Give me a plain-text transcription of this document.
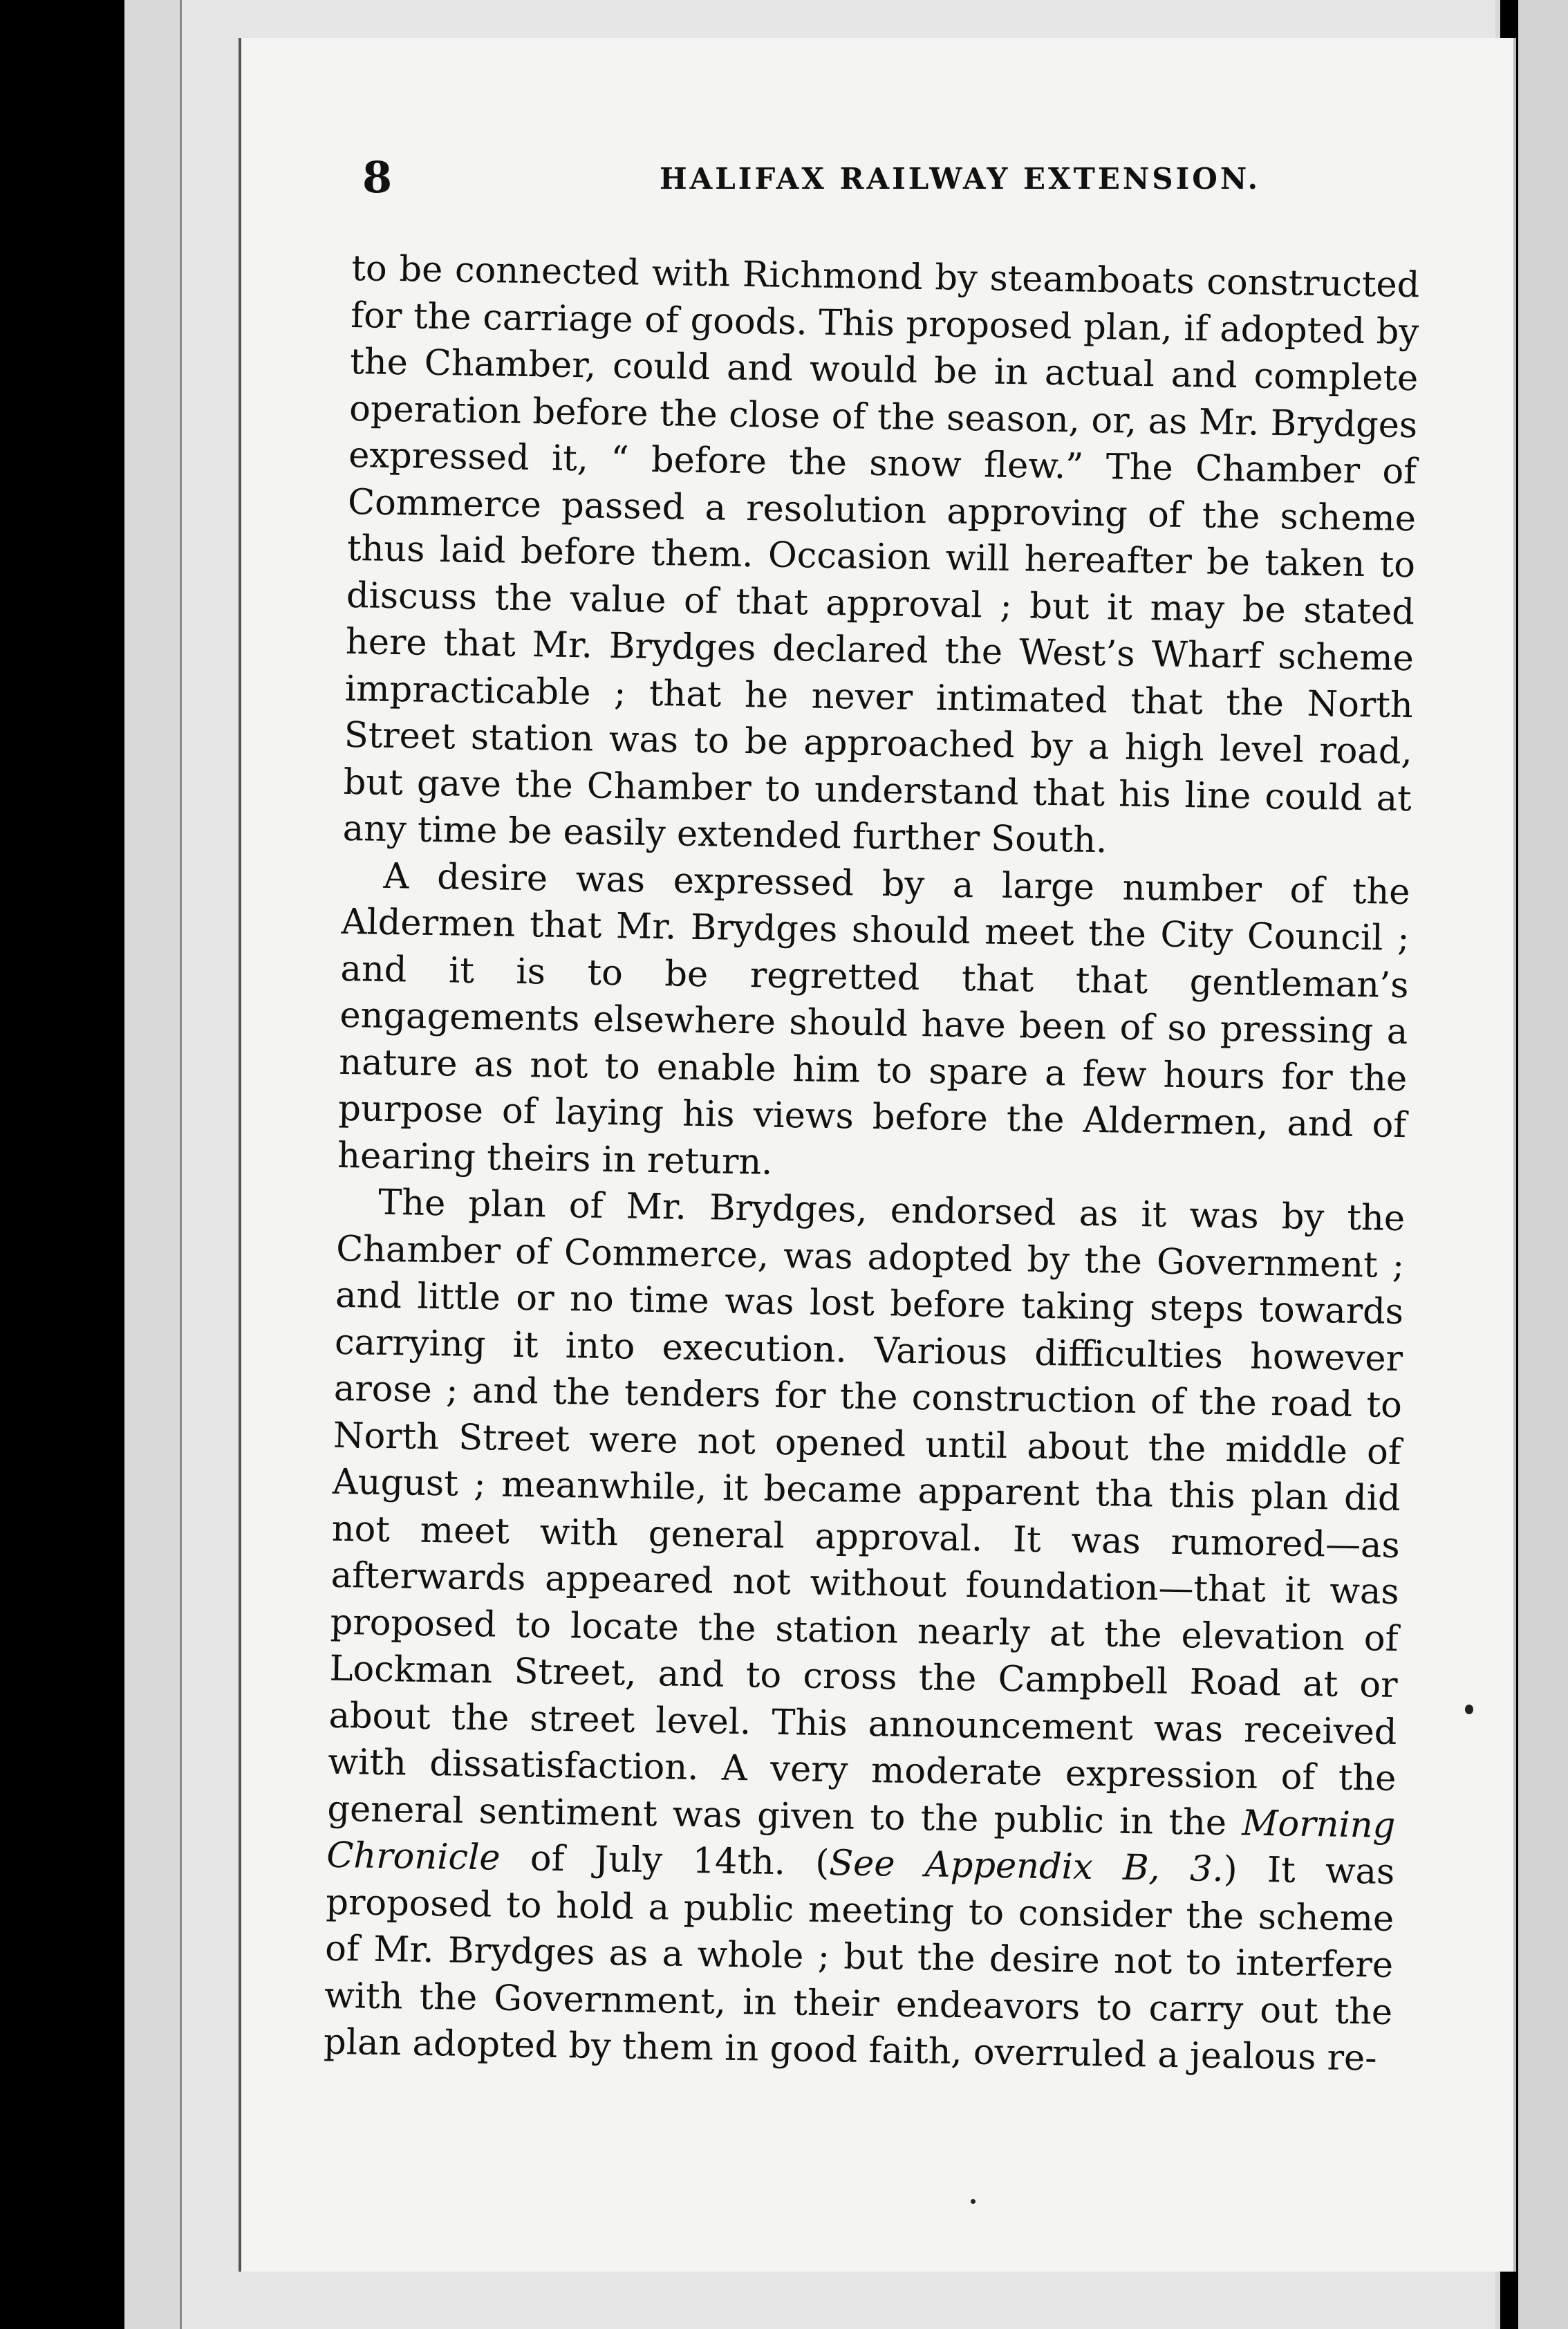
8	HALIFAX RAILWAY EXTENSION.

to be connected with Richmond by steamboats constructed for the carriage of goods. This proposed plan, if adopted by the Chamber, could and would be in actual and complete operation before the close of the season, or, as Mr. Brydges expressed it, “ before the snow flew.” The Chamber of Commerce passed a resolution approving of the scheme thus laid before them. Occasion will hereafter be taken to discuss the value of that approval ; but it may be stated here that Mr. Brydges declared the West’s Wharf scheme impracticable ; that he never intimated that the North Street station was to be approached by a high level road, but gave the Chamber to understand that his line could at any time be easily extended further South.

A desire was expressed by a large number of the Aldermen that Mr. Brydges should meet the City Council ; and it is to be regretted that that gentleman’s engagements elsewhere should have been of so pressing a nature as not to enable him to spare a few hours for the purpose of laying his views before the Aldermen, and of hearing theirs in return.

The plan of Mr. Brydges, endorsed as it was by the Chamber of Commerce, was adopted by the Government ; and little or no time was lost before taking steps towards carrying it into execution. Various difficulties however arose ; and the tenders for the construction of the road to North Street were not opened until about the middle of August ; meanwhile, it became apparent tha this plan did not meet with general approval. It was rumored—as afterwards appeared not without foundation—that it was proposed to locate the station nearly at the elevation of Lockman Street, and to cross the Campbell Road at or about the street level. This announcement was received with dissatisfaction. A very moderate expression of the general sentiment was given to the public in the Morning Chronicle of July 14th. (See Appendix B, 3.) It was proposed to hold a public meeting to consider the scheme of Mr. Brydges as a whole ; but the desire not to interfere with the Government, in their endeavors to carry out the plan adopted by them in good faith, overruled a jealous re-
